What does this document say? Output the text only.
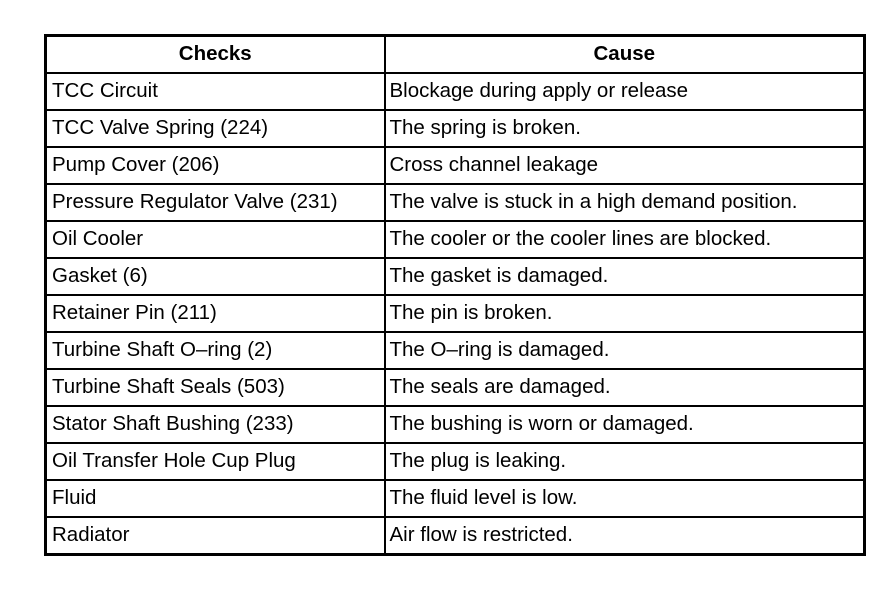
Checks	Cause
TCC Circuit	Blockage during apply or release
TCC Valve Spring (224)	The spring is broken.
Pump Cover (206)	Cross channel leakage
Pressure Regulator Valve (231)	The valve is stuck in a high demand position.
Oil Cooler	The cooler or the cooler lines are blocked.
Gasket (6)	The gasket is damaged.
Retainer Pin (211)	The pin is broken.
Turbine Shaft O–ring (2)	The O–ring is damaged.
Turbine Shaft Seals (503)	The seals are damaged.
Stator Shaft Bushing (233)	The bushing is worn or damaged.
Oil Transfer Hole Cup Plug	The plug is leaking.
Fluid	The fluid level is low.
Radiator	Air flow is restricted.
